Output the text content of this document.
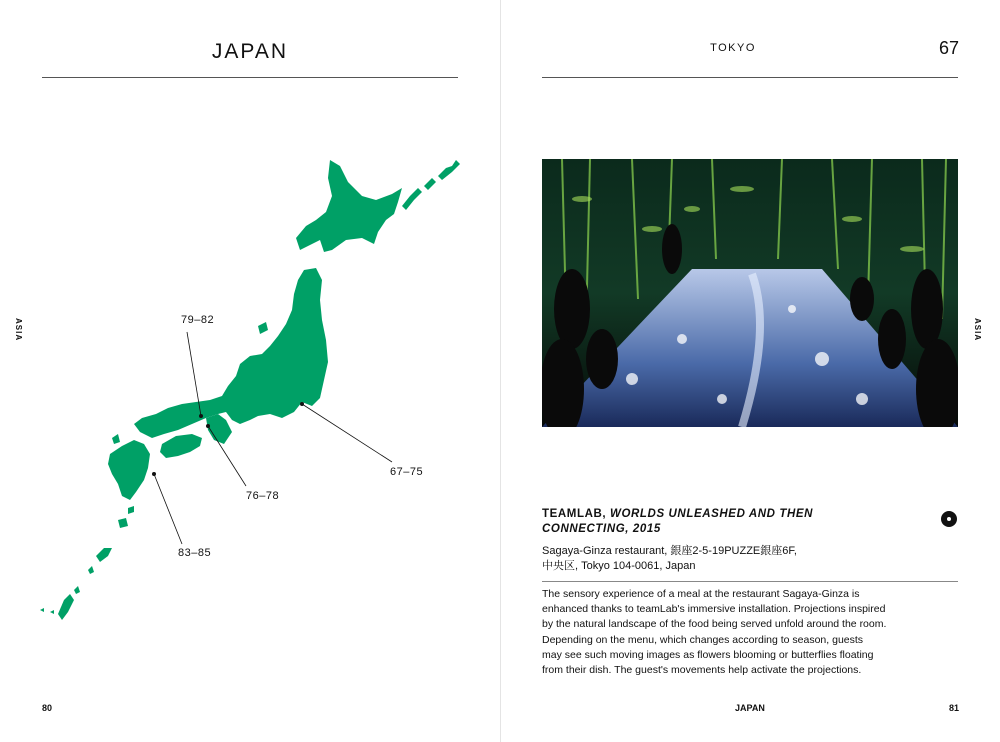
JAPAN
ASIA	79–82
76–78
67–75
83–85
80
TOKYO	67
ASIA
TEAMLAB, WORLDS UNLEASHED AND THEN CONNECTING, 2015
Sagaya-Ginza restaurant, 銀座2-5-19PUZZE銀座6F,
中央区, Tokyo 104-0061, Japan
The sensory experience of a meal at the restaurant Sagaya-Ginza is
enhanced thanks to teamLab's immersive installation. Projections inspired
by the natural landscape of the food being served unfold around the room.
Depending on the menu, which changes according to season, guests
may see such moving images as flowers blooming or butterflies floating
from their dish. The guest's movements help activate the projections.
JAPAN	81
